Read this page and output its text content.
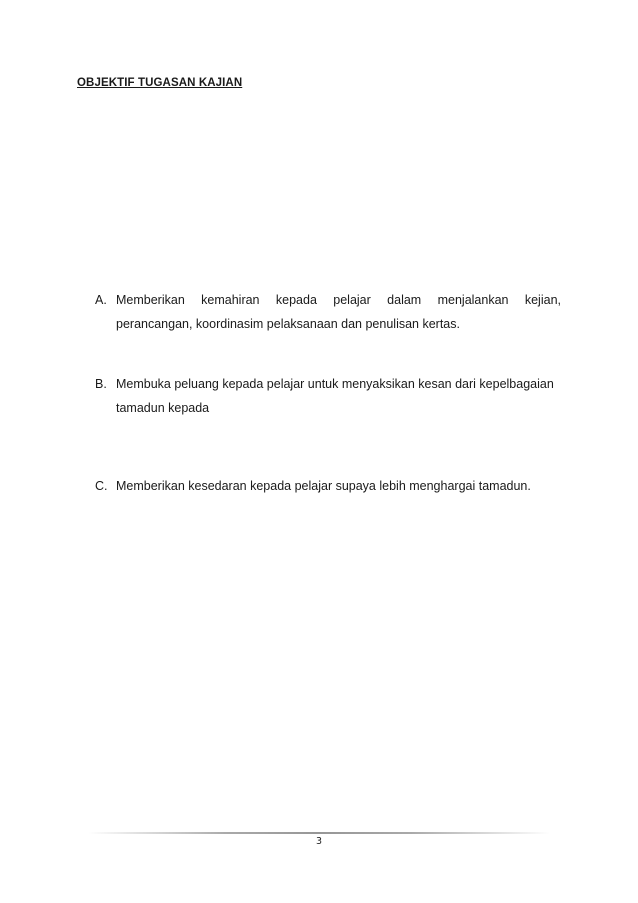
OBJEKTIF TUGASAN KAJIAN
A. Memberikan kemahiran kepada pelajar dalam menjalankan kejian, perancangan, koordinasim pelaksanaan dan penulisan kertas.
B. Membuka peluang kepada pelajar untuk menyaksikan kesan dari kepelbagaian tamadun kepada
C. Memberikan kesedaran kepada pelajar supaya lebih menghargai tamadun.
3
